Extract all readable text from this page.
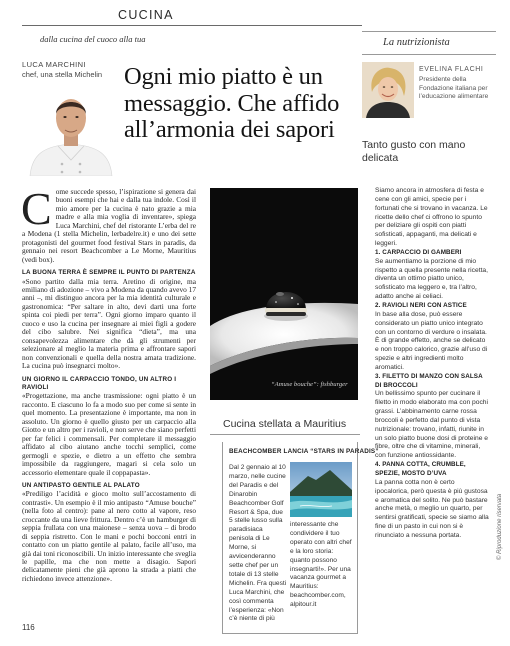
CUCINA
dalla cucina del cuoco alla tua	La nutrizionista
LUCA MARCHINI
chef, una stella Michelin Ogni mio piatto è un messaggio. Che affido all’armonia dei sapori
EVELINA FLACHI
Presidente della Fondazione italiana per l’educazione alimentare
Tanto gusto con mano delicata

Come succede spesso, l’ispirazione si genera dai buoni esempi che hai e dalla tua indole. Così il mio amore per la cucina è nato grazie a mia madre e alla mia voglia di inventare», spiega Luca Marchini, chef del ristorante L’erba del re a Modena (1 stella Michelin, lerbadelre.it) e uno dei sette protagonisti del gourmet food festival Stars in paradis, da gennaio nei resort Beachcomber a Le Morne, Mauritius (vedi box).

LA BUONA TERRA È SEMPRE IL PUNTO DI PARTENZA

«Sono partito dalla mia terra. Aretino di origine, ma emiliano di adozione – vivo a Modena da quando avevo 17 anni –, mi distinguo ancora per la mia identità culturale e gastronomica: “Per saltare in alto, devi darti una forte spinta coi piedi per terra”. Ogni giorno imparo quanto il cuoco e uso la cucina per insegnare ai miei figli a godere del cibo salubre. Nei significa “dieta”, ma una consapevolezza alimentare che dà gli strumenti per selezionare al meglio la materia prima e affrontare sapori non convenzionali e quella della nostra amata tradizione. La cucina può insegnarci molto».

UN GIORNO IL CARPACCIO TONDO, UN ALTRO I RAVIOLI

«Progettazione, ma anche trasmissione: ogni piatto è un racconto. E ciascuno lo fa a modo suo per come si sente in quel momento. La presentazione è importante, ma non in assoluto. Un giorno è quello giusto per un carpaccio alla Giotto e un altro per i ravioli, e non serve che siano perfetti per far felici i commensali. Per completare il messaggio affidato al cibo aiutano anche tocchi semplici, come germogli e spezie, e dietro a un effetto che sembra impossibile da raggiungere, magari si cela solo un accessorio elementare quale il coppapasta».

UN ANTIPASTO GENTILE AL PALATO

«Prediligo l’acidità e gioco molto sull’accostamento di contrasti». Un esempio è il mio antipasto “Amuse bouche” (nella foto al centro): pane al nero cotto al vapore, reso croccante da una lieve frittura. Dentro c’è un hamburger di seppia frullata con una maionese – senza uova – di brodo di seppia ristretto. Con le mani e pochi bocconi entri in contatto con un piatto gentile al palato, facile all’uso, ma già dai toni riconoscibili. Un inizio interessante che sveglia le papille, ma che non mette a disagio. Sapori delicatamente pieni che già aprono la strada a piatti che richiedono invece attenzione».

“Amuse bouche”: fishburger
Cucina stellata a Mauritius
BEACHCOMBER LANCIA “STARS IN PARADIS”
Dal 2 gennaio al 10 marzo, nelle cucine del Paradis e del Dinarobin Beachcomber Golf Resort & Spa, due 5 stelle lusso sulla paradisiaca penisola di Le Morne, si avvicenderanno sette chef per un totale di 13 stelle Michelin. Fra questi Luca Marchini, che così commenta l’esperienza: «Non c’è niente di più
interessante che condividere il tuo operato con altri chef e la loro storia: quanto possono insegnarti!». Per una vacanza gourmet a Mauritius: beachcomber.com, alpitour.it

Siamo ancora in atmosfera di festa e cene con gli amici, specie per i fortunati che si trovano in vacanza. Le ricette dello chef ci offrono lo spunto per deliziare gli ospiti con piatti sofisticati, appaganti, ma delicati e leggeri.

1. CARPACCIO DI GAMBERI

Se aumentiamo la porzione di mio rispetto a quella presente nella ricetta, diventa un ottimo piatto unico, sofisticato ma leggero e, tra l’altro, adatto anche ai celiaci.

2. RAVIOLI NERI CON ASTICE

In base alla dose, può essere considerato un piatto unico integrato con un contorno di verdure o insalata. È di grande effetto, anche se delicato e non troppo calorico, grazie all’uso di spezie e altri ingredienti molto aromatici.

3. FILETTO DI MANZO CON SALSA DI BROCCOLI

Un bellissimo spunto per cucinare il filetto in modo elaborato ma con pochi grassi. L’abbinamento carne rossa broccoli è perfetto dal punto di vista nutrizionale: trovano, infatti, riunite in un solo piatto buone dosi di proteine e fibre, oltre che di vitamine, minerali, con funzione antiossidante.

4. PANNA COTTA, CRUMBLE, SPEZIE, MOSTO D’UVA

La panna cotta non è certo ipocalorica, però questa è più gustosa e aromatica del solito. Ne può bastare anche metà, o meglio un quarto, per sentirsi gratificati, specie se siamo alla fine di un pasto in cui non si è rinunciato a nessuna portata.

116
© Riproduzione riservata
